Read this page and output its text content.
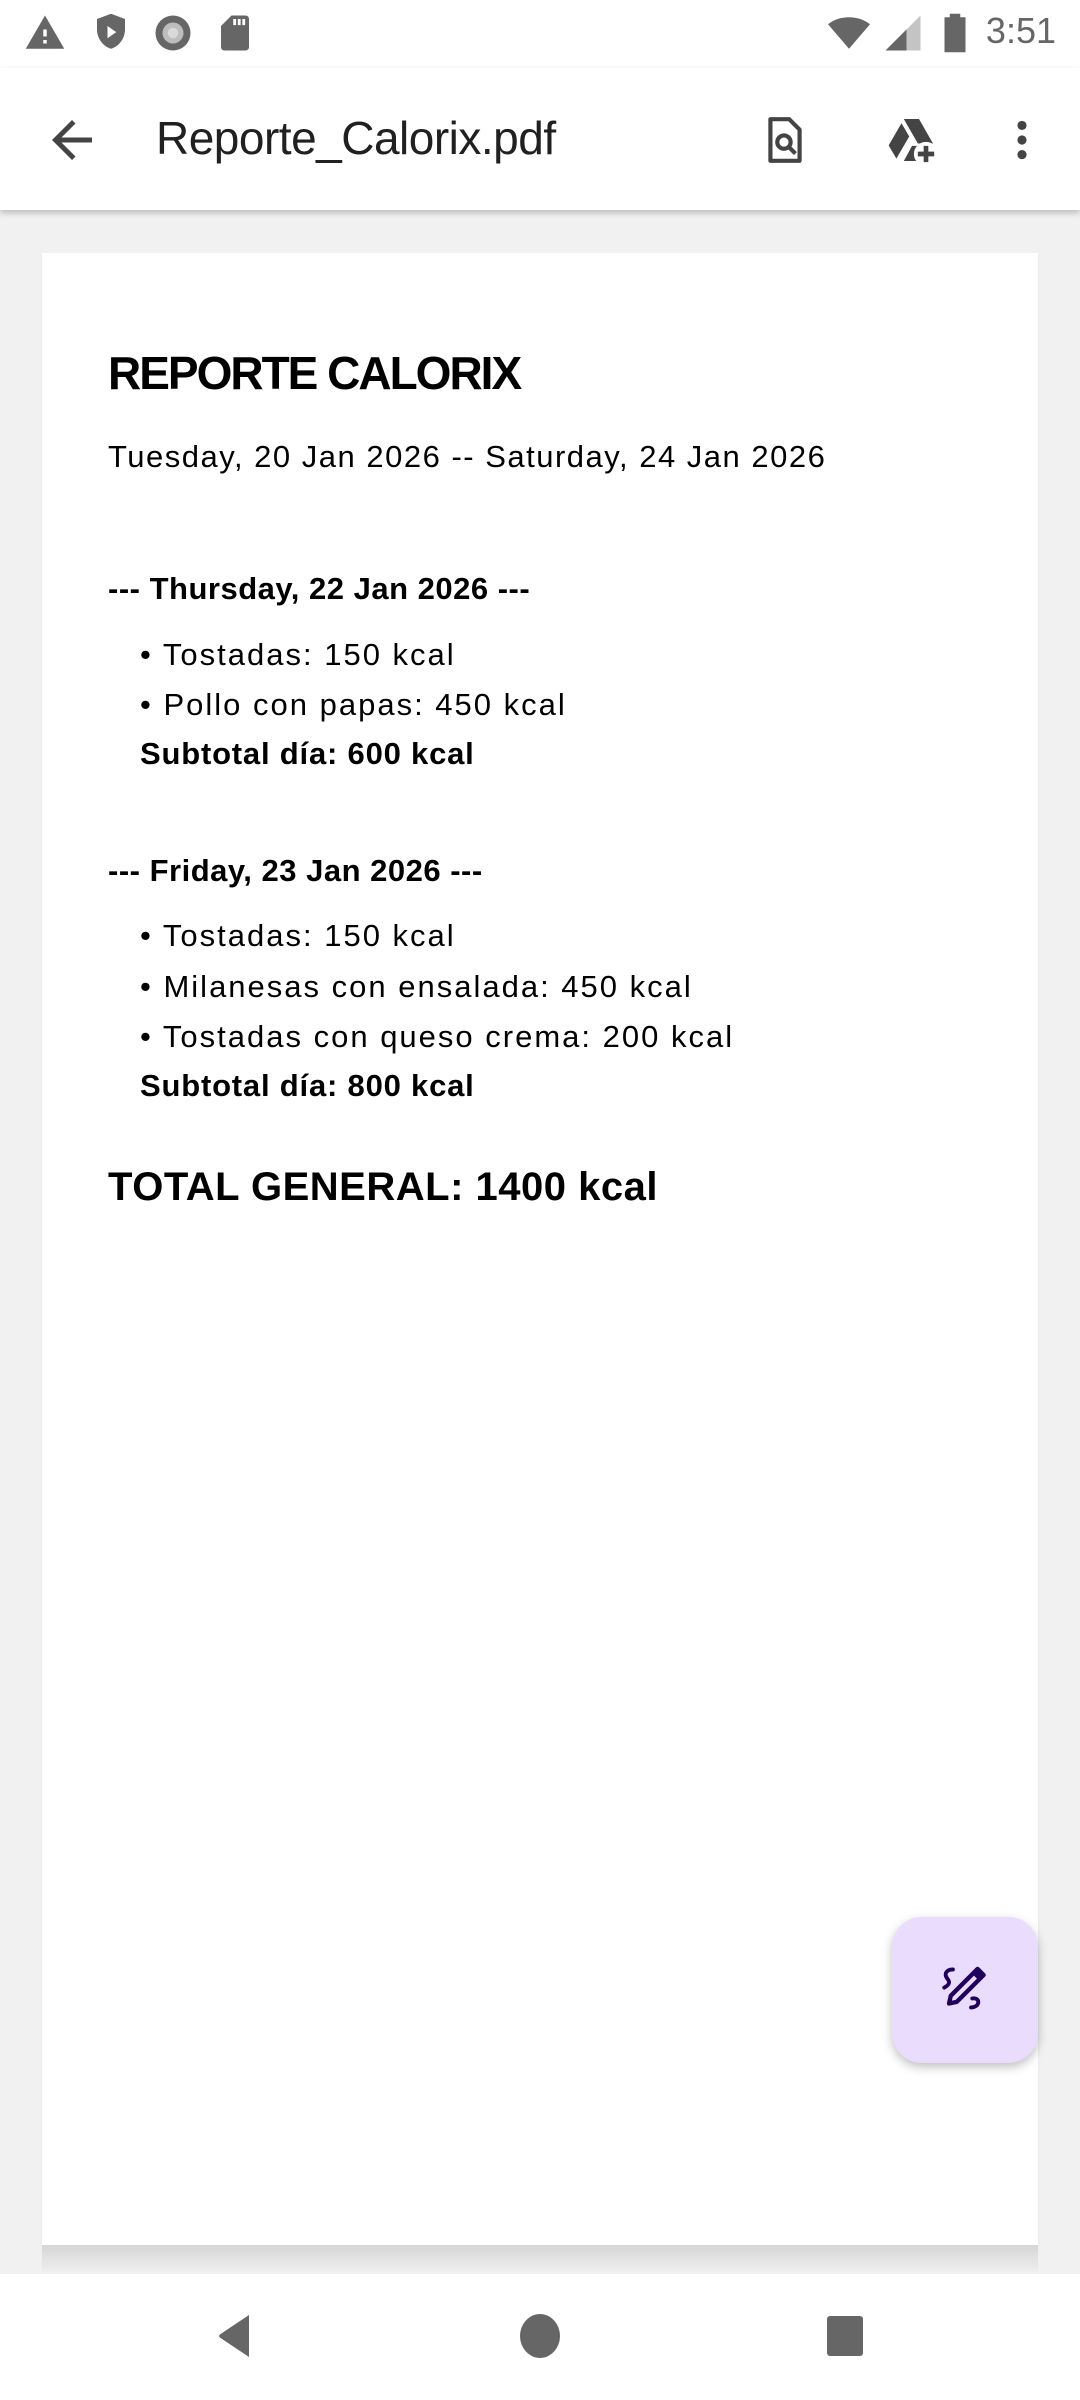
3:51
Reporte_Calorix.pdf
REPORTE CALORIX
Tuesday, 20 Jan 2026 -- Saturday, 24 Jan 2026
--- Thursday, 22 Jan 2026 ---
• Tostadas: 150 kcal
• Pollo con papas: 450 kcal
Subtotal día: 600 kcal
--- Friday, 23 Jan 2026 ---
• Tostadas: 150 kcal
• Milanesas con ensalada: 450 kcal
• Tostadas con queso crema: 200 kcal
Subtotal día: 800 kcal
TOTAL GENERAL: 1400 kcal
